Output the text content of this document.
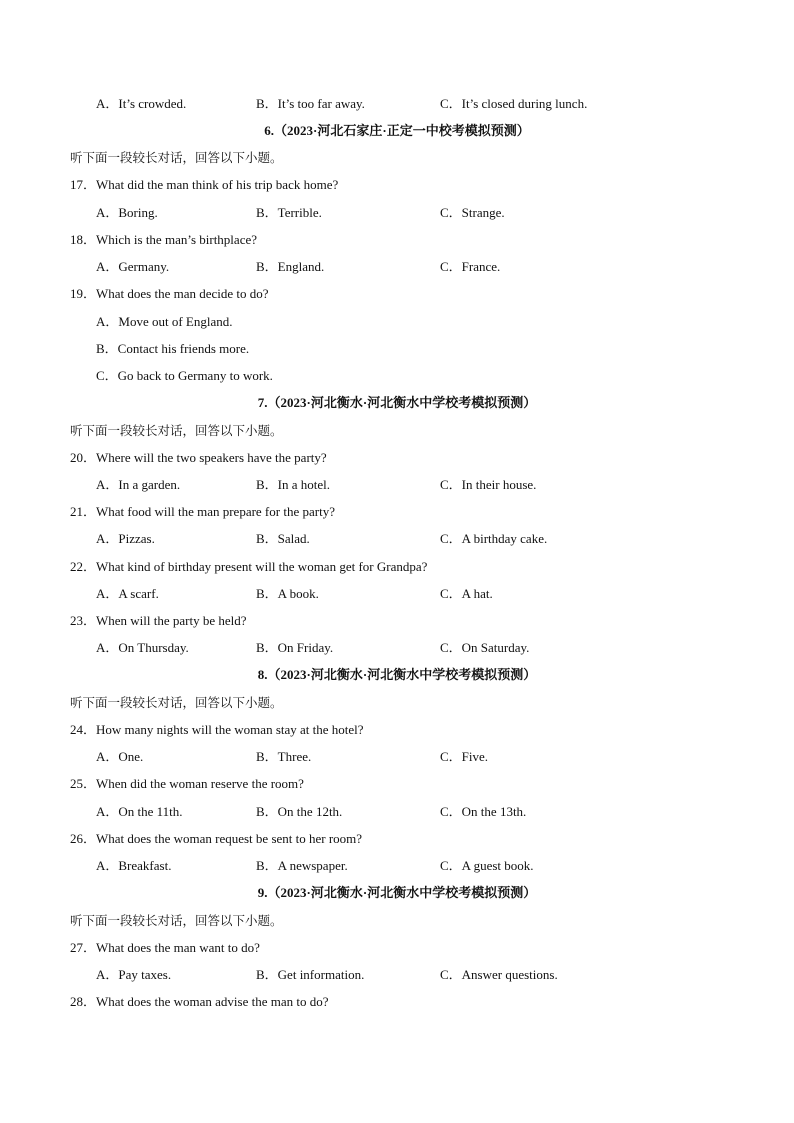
A．It’s crowded.	B．It’s too far away.	C．It’s closed during lunch.
6.（2023·河北石家庄·正定一中校考模拟预测）
听下面一段较长对话，回答以下小题。
17．What did the man think of his trip back home?
A．Boring.	B．Terrible.	C．Strange.
18．Which is the man’s birthplace?
A．Germany.	B．England.	C．France.
19．What does the man decide to do?
A．Move out of England.
B．Contact his friends more.
C．Go back to Germany to work.
7.（2023·河北衡水·河北衡水中学校考模拟预测）
听下面一段较长对话，回答以下小题。
20．Where will the two speakers have the party?
A．In a garden.	B．In a hotel.	C．In their house.
21．What food will the man prepare for the party?
A．Pizzas.	B．Salad.	C．A birthday cake.
22．What kind of birthday present will the woman get for Grandpa?
A．A scarf.	B．A book.	C．A hat.
23．When will the party be held?
A．On Thursday.	B．On Friday.	C．On Saturday.
8.（2023·河北衡水·河北衡水中学校考模拟预测）
听下面一段较长对话，回答以下小题。
24．How many nights will the woman stay at the hotel?
A．One.	B．Three.	C．Five.
25．When did the woman reserve the room?
A．On the 11th.	B．On the 12th.	C．On the 13th.
26．What does the woman request be sent to her room?
A．Breakfast.	B．A newspaper.	C．A guest book.
9.（2023·河北衡水·河北衡水中学校考模拟预测）
听下面一段较长对话，回答以下小题。
27．What does the man want to do?
A．Pay taxes.	B．Get information.	C．Answer questions.
28．What does the woman advise the man to do?
